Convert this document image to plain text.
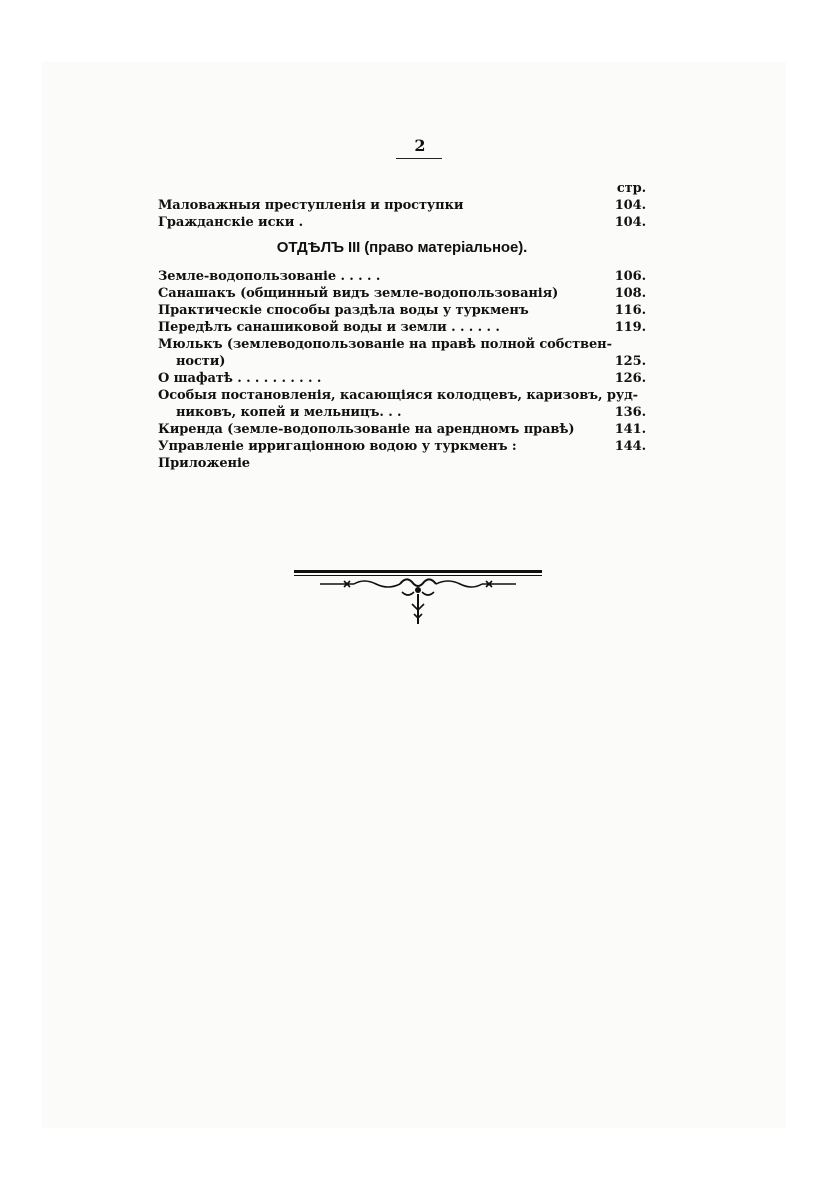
2
стр.
Маловажныя преступленія и проступки	104.
Гражданскіе иски .	104.
ОТДѢЛЪ III (право матеріальное).
Земле-водопользованіе . . . . .	106.
Санашакъ (общинный видъ земле-водопользованія)	108.
Практическіе способы раздѣла воды у туркменъ	116.
Передѣлъ санашиковой воды и земли . . . . . .	119.
Мюлькъ (землеводопользованіе на правѣ полной собствен-
ности)	125.
О шафатѣ . . . . . . . . . .	126.
Особыя постановленія, касающіяся колодцевъ, каризовъ, руд-
никовъ, копей и мельницъ. . .	136.
Киренда (земле-водопользованіе на арендномъ правѣ)	141.
Управленіе ирригаціонною водою у туркменъ :	144.
Приложеніе
